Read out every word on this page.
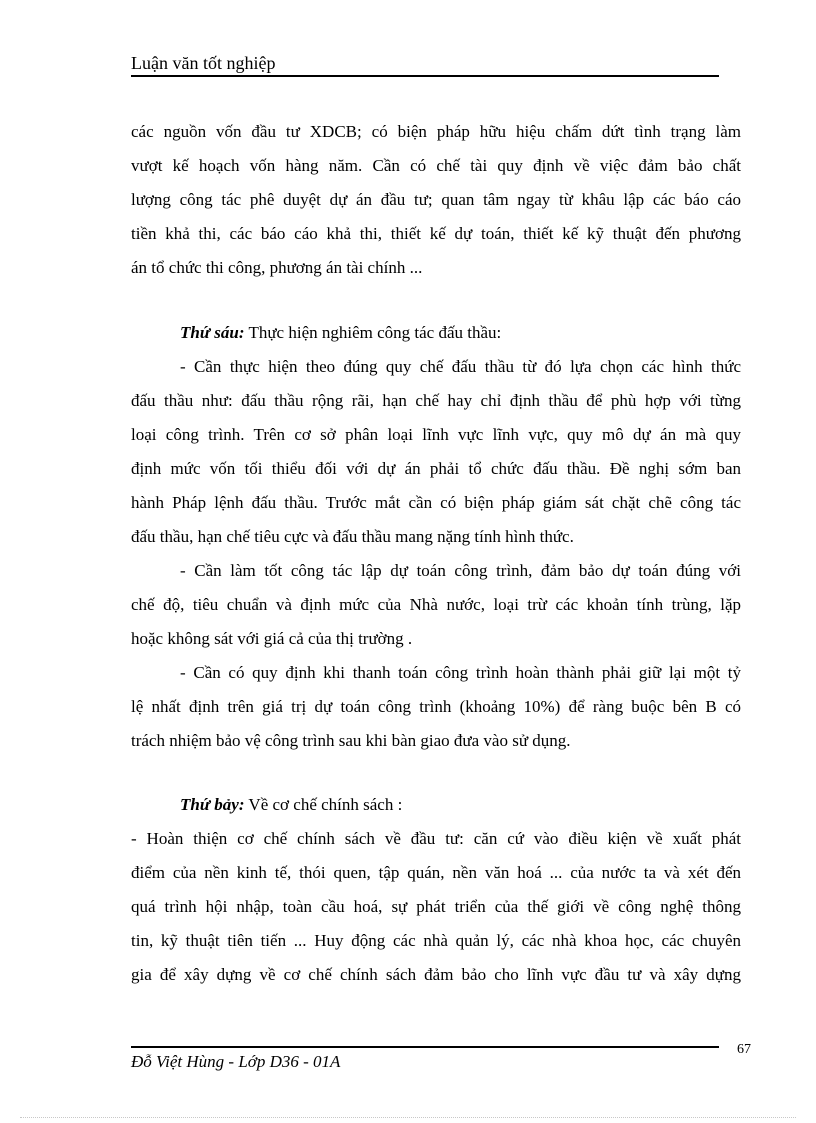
Luận văn tốt nghiệp
các nguồn vốn đầu tư XDCB; có biện pháp hữu hiệu chấm dứt tình trạng làm
vượt kế hoạch vốn hàng năm. Cần có chế tài quy định về việc đảm bảo chất
lượng công tác phê duyệt dự án đầu tư; quan tâm ngay từ khâu lập các báo cáo
tiền khả thi, các báo cáo khả thi, thiết kế dự toán, thiết kế kỹ thuật đến phương
án tổ chức thi công, phương án tài chính ...
Thứ sáu: Thực hiện nghiêm công tác đấu thầu:
- Cần thực hiện theo đúng quy chế đấu thầu từ đó lựa chọn các hình thức
đấu thầu như: đấu thầu rộng rãi, hạn chế hay chỉ định thầu để phù hợp với từng
loại công trình. Trên cơ sở phân loại lĩnh vực lĩnh vực, quy mô dự án mà quy
định mức vốn tối thiểu đối với dự án phải tổ chức đấu thầu. Đề nghị sớm ban
hành Pháp lệnh đấu thầu. Trước mắt cần có biện pháp giám sát chặt chẽ công tác
đấu thầu, hạn chế tiêu cực và đấu thầu mang nặng tính hình thức.
- Cần làm tốt công tác lập dự toán công trình, đảm bảo dự toán đúng với
chế độ, tiêu chuẩn và định mức của Nhà nước, loại trừ các khoản tính trùng, lặp
hoặc không sát với giá cả của thị trường .
- Cần có quy định khi thanh toán công trình hoàn thành phải giữ lại một tỷ
lệ nhất định trên giá trị dự toán công trình (khoảng 10%) để ràng buộc bên B có
trách nhiệm bảo vệ công trình sau khi bàn giao đưa vào sử dụng.
Thứ bảy: Về cơ chế chính sách :
- Hoàn thiện cơ chế chính sách về đầu tư: căn cứ vào điều kiện về xuất phát
điểm của nền kinh tế, thói quen, tập quán, nền văn hoá ... của nước ta và xét đến
quá trình hội nhập, toàn cầu hoá, sự phát triển của thế giới về công nghệ thông
tin, kỹ thuật tiên tiến ... Huy động các nhà quản lý, các nhà khoa học, các chuyên
gia để xây dựng về cơ chế chính sách đảm bảo cho lĩnh vực đầu tư và xây dựng
Đỗ Việt Hùng - Lớp D36 - 01A
67
